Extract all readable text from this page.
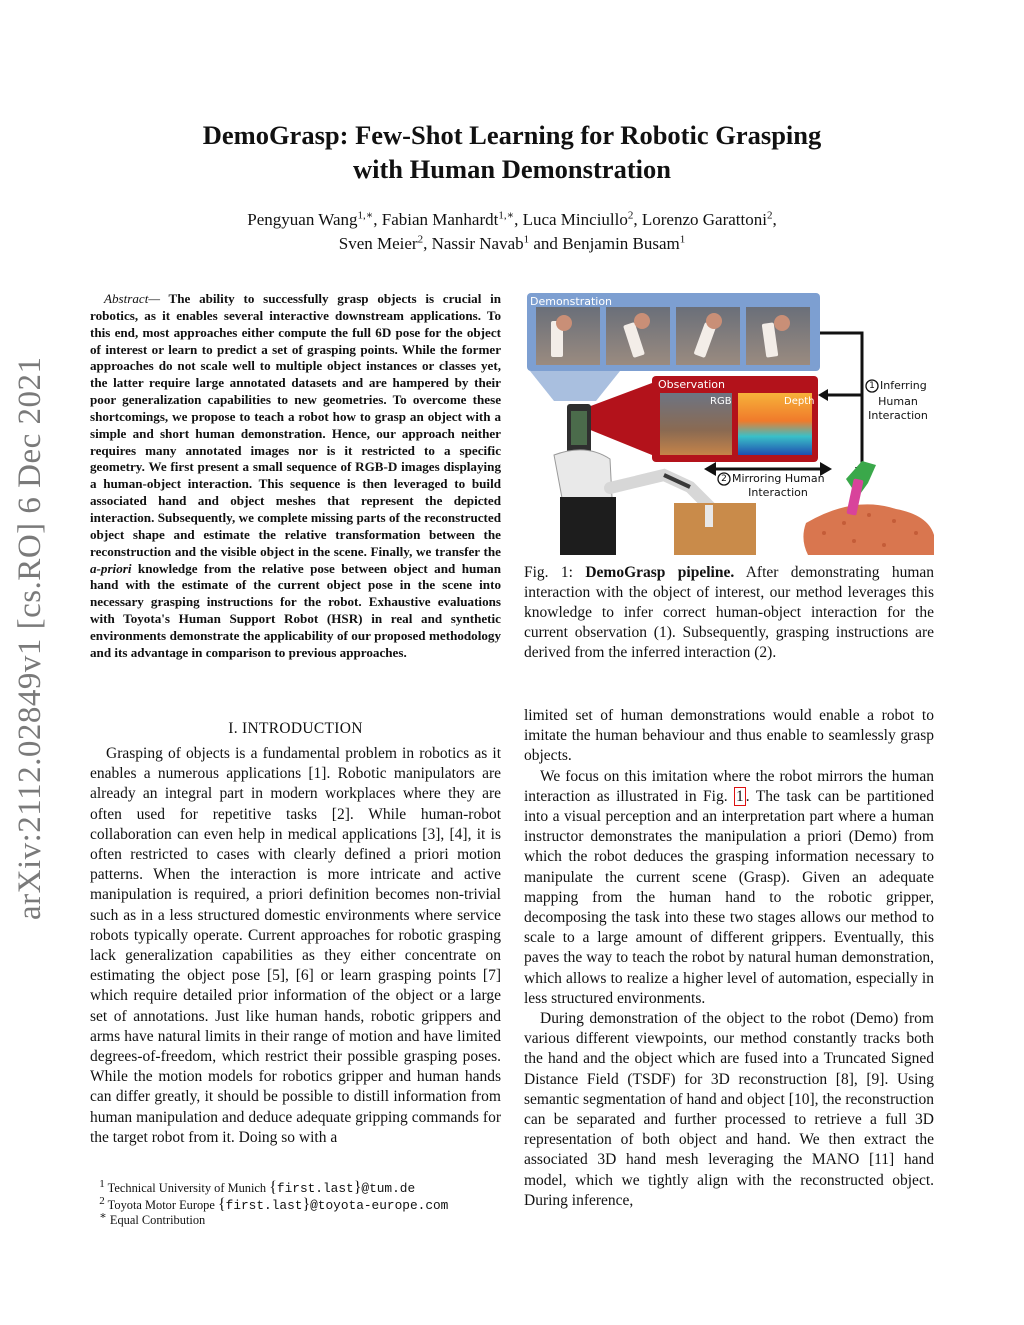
arXiv:2112.02849v1 [cs.RO] 6 Dec 2021
DemoGrasp: Few-Shot Learning for Robotic Grasping
with Human Demonstration
Pengyuan Wang$^{1,∗}$, Fabian Manhardt$^{1,∗}$, Luca Minciullo$^2$, Lorenzo Garattoni$^2$,
Sven Meier$^2$, Nassir Navab$^1$ and Benjamin Busam$^1$
Abstract— The ability to successfully grasp objects is crucial in robotics, as it enables several interactive downstream applications. To this end, most approaches either compute the full 6D pose for the object of interest or learn to predict a set of grasping points. While the former approaches do not scale well to multiple object instances or classes yet, the latter require large annotated datasets and are hampered by their poor generalization capabilities to new geometries. To overcome these shortcomings, we propose to teach a robot how to grasp an object with a simple and short human demonstration. Hence, our approach neither requires many annotated images nor is it restricted to a specific geometry. We first present a small sequence of RGB-D images displaying a human-object interaction. This sequence is then leveraged to build associated hand and object meshes that represent the depicted interaction. Subsequently, we complete missing parts of the reconstructed object shape and estimate the relative transformation between the reconstruction and the visible object in the scene. Finally, we transfer the a-priori knowledge from the relative pose between object and human hand with the estimate of the current object pose in the scene into necessary grasping instructions for the robot. Exhaustive evaluations with Toyota's Human Support Robot (HSR) in real and synthetic environments demonstrate the applicability of our proposed methodology and its advantage in comparison to previous approaches.
I. INTRODUCTION

Grasping of objects is a fundamental problem in robotics as it enables a numerous applications [1]. Robotic manipulators are already an integral part in modern workplaces where they are often used for repetitive tasks [2]. While human-robot collaboration can even help in medical applications [3], [4], it is often restricted to cases with clearly defined a priori motion patterns. When the interaction is more intricate and active manipulation is required, a priori definition becomes non-trivial such as in a less structured domestic environments where service robots typically operate. Current approaches for robotic grasping lack generalization capabilities as they either concentrate on estimating the object pose [5], [6] or learn grasping points [7] which require detailed prior information of the object or a large set of annotations. Just like human hands, robotic grippers and arms have natural limits in their range of motion and have limited degrees-of-freedom, which restrict their possible grasping poses. While the motion models for robotics gripper and human hands can differ greatly, it should be possible to distill information from human manipulation and deduce adequate gripping commands for the target robot from it. Doing so with a

$^1$ Technical University of Munich {first.last}@tum.de
$^2$ Toyota Motor Europe {first.last}@toyota-europe.com
∗ Equal Contribution
Demonstration
Observation
RGB	Depth
1 Inferring
Human
Interaction
2 Mirroring Human
Interaction
Fig. 1: DemoGrasp pipeline. After demonstrating human interaction with the object of interest, our method leverages this knowledge to infer correct human-object interaction for the current observation (1). Subsequently, grasping instructions are derived from the inferred interaction (2).

limited set of human demonstrations would enable a robot to imitate the human behaviour and thus enable to seamlessly grasp objects.

We focus on this imitation where the robot mirrors the human interaction as illustrated in Fig. 1 . The task can be partitioned into a visual perception and an interpretation part where a human instructor demonstrates the manipulation a priori (Demo) from which the robot deduces the grasping information necessary to manipulate the current scene (Grasp). Given an adequate mapping from the human hand to the robotic gripper, decomposing the task into these two stages allows our method to scale to a large amount of different grippers. Eventually, this paves the way to teach the robot by natural human demonstration, which allows to realize a higher level of automation, especially in less structured environments.

During demonstration of the object to the robot (Demo) from various different viewpoints, our method constantly tracks both the hand and the object which are fused into a Truncated Signed Distance Field (TSDF) for 3D reconstruction [8], [9]. Using semantic segmentation of hand and object [10], the reconstruction can be separated and further processed to retrieve a full 3D representation of both object and hand. We then extract the associated 3D hand mesh leveraging the MANO [11] hand model, which we tightly align with the reconstructed object. During inference,
